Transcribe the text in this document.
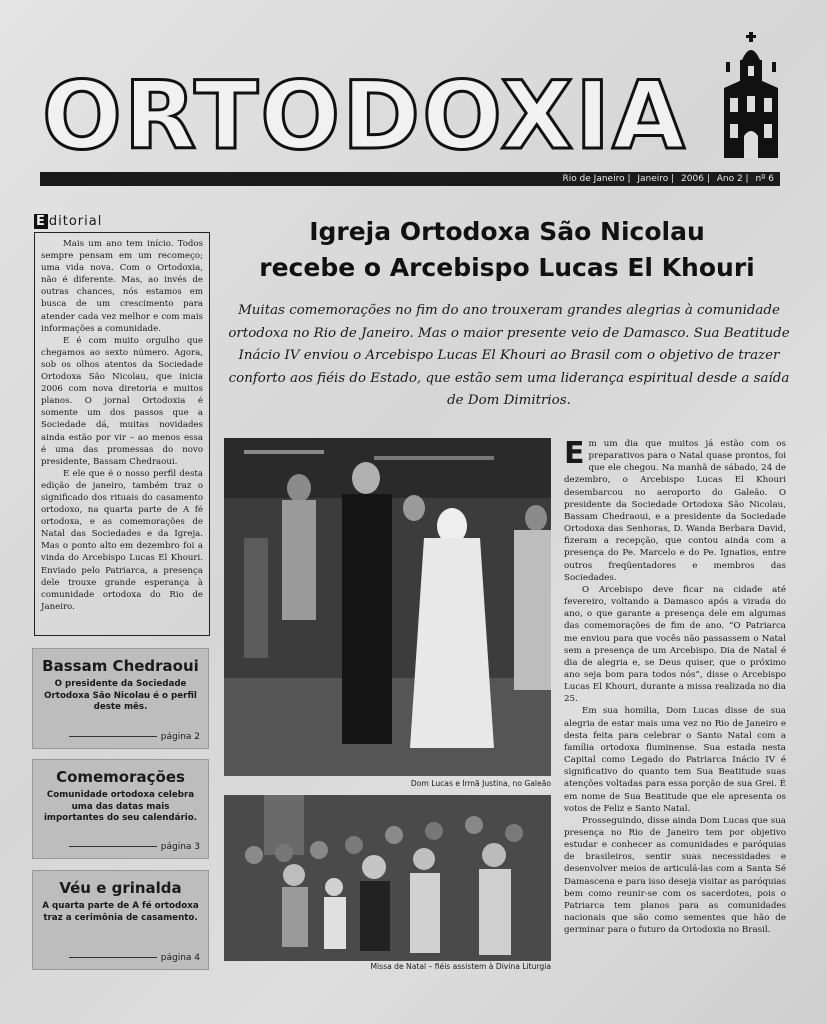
ORTODOXIA
Rio de Janeiro | Janeiro | 2006 | Ano 2 | nº 6
E ditorial

Mais um ano tem início. Todos sempre pensam em um recomeço; uma vida nova. Com o Ortodoxia, não é diferente. Mas, ao invés de outras chances, nós estamos em busca de um crescimento para atender cada vez melhor e com mais informações a comunidade.

E é com muito orgulho que chegamos ao sexto número. Agora, sob os olhos atentos da Sociedade Ortodoxa São Nicolau, que inicia 2006 com nova diretoria e muitos planos. O jornal Ortodoxia é somente um dos passos que a Sociedade dá, muitas novidades ainda estão por vir – ao menos essa é uma das promessas do novo presidente, Bassam Chedraoui.

E ele que é o nosso perfil desta edição de janeiro, também traz o significado dos rituais do casamento ortodoxo, na quarta parte de A fé ortodoxa, e as comemorações de Natal das Sociedades e da Igreja. Mas o ponto alto em dezembro foi a vinda do Arcebispo Lucas El Khouri. Enviado pelo Patriarca, a presença dele trouxe grande esperança à comunidade ortodoxa do Rio de Janeiro.

Bassam Chedraoui

O presidente da Sociedade Ortodoxa São Nicolau é o perfil deste mês.

página 2
Comemorações

Comunidade ortodoxa celebra uma das datas mais importantes do seu calendário.

página 3
Véu e grinalda

A quarta parte de A fé ortodoxa traz a cerimônia de casamento.

página 4
Igreja Ortodoxa São Nicolau
recebe o Arcebispo Lucas El Khouri
Muitas comemorações no fim do ano trouxeram grandes alegrias à comunidade ortodoxa no Rio de Janeiro. Mas o maior presente veio de Damasco. Sua Beatitude Inácio IV enviou o Arcebispo Lucas El Khouri ao Brasil com o objetivo de trazer conforto aos fiéis do Estado, que estão sem uma liderança espiritual desde a saída de Dom Dimitrios.
Dom Lucas e Irmã Justina, no Galeão
Missa de Natal – fiéis assistem à Divina Liturgia

Em um dia que muitos já estão com os preparativos para o Natal quase prontos, foi que ele chegou. Na manhã de sábado, 24 de dezembro, o Arcebispo Lucas El Khouri desembarcou no aeroporto do Galeão. O presidente da Sociedade Ortodoxa São Nicolau, Bassam Chedraoui, e a presidente da Sociedade Ortodoxa das Senhoras, D. Wanda Berbara David, fizeram a recepção, que contou ainda com a presença do Pe. Marcelo e do Pe. Ignatios, entre outros freqüentadores e membros das Sociedades.

O Arcebispo deve ficar na cidade até fevereiro, voltando a Damasco após a virada do ano, o que garante a presença dele em algumas das comemorações de fim de ano. “O Patriarca me enviou para que vocês não passassem o Natal sem a presença de um Arcebispo. Dia de Natal é dia de alegria e, se Deus quiser, que o próximo ano seja bom para todos nós”, disse o Arcebispo Lucas El Khouri, durante a missa realizada no dia 25.

Em sua homilia, Dom Lucas disse de sua alegria de estar mais uma vez no Rio de Janeiro e desta feita para celebrar o Santo Natal com a família ortodoxa fluminense. Sua estada nesta Capital como Legado do Patriarca Inácio IV é significativo do quanto tem Sua Beatitude suas atenções voltadas para essa porção de sua Grei. É em nome de Sua Beatitude que ele apresenta os votos de Feliz e Santo Natal.

Prosseguindo, disse ainda Dom Lucas que sua presença no Rio de Janeiro tem por objetivo estudar e conhecer as comunidades e paróquias de brasileiros, sentir suas necessidades e desenvolver meios de articulá-las com a Santa Sé Damascena e para isso deseja visitar as paróquias bem como reunir-se com os sacerdotes, pois o Patriarca tem planos para as comunidades nacionais que são como sementes que hão de germinar para o futuro da Ortodoxia no Brasil.
